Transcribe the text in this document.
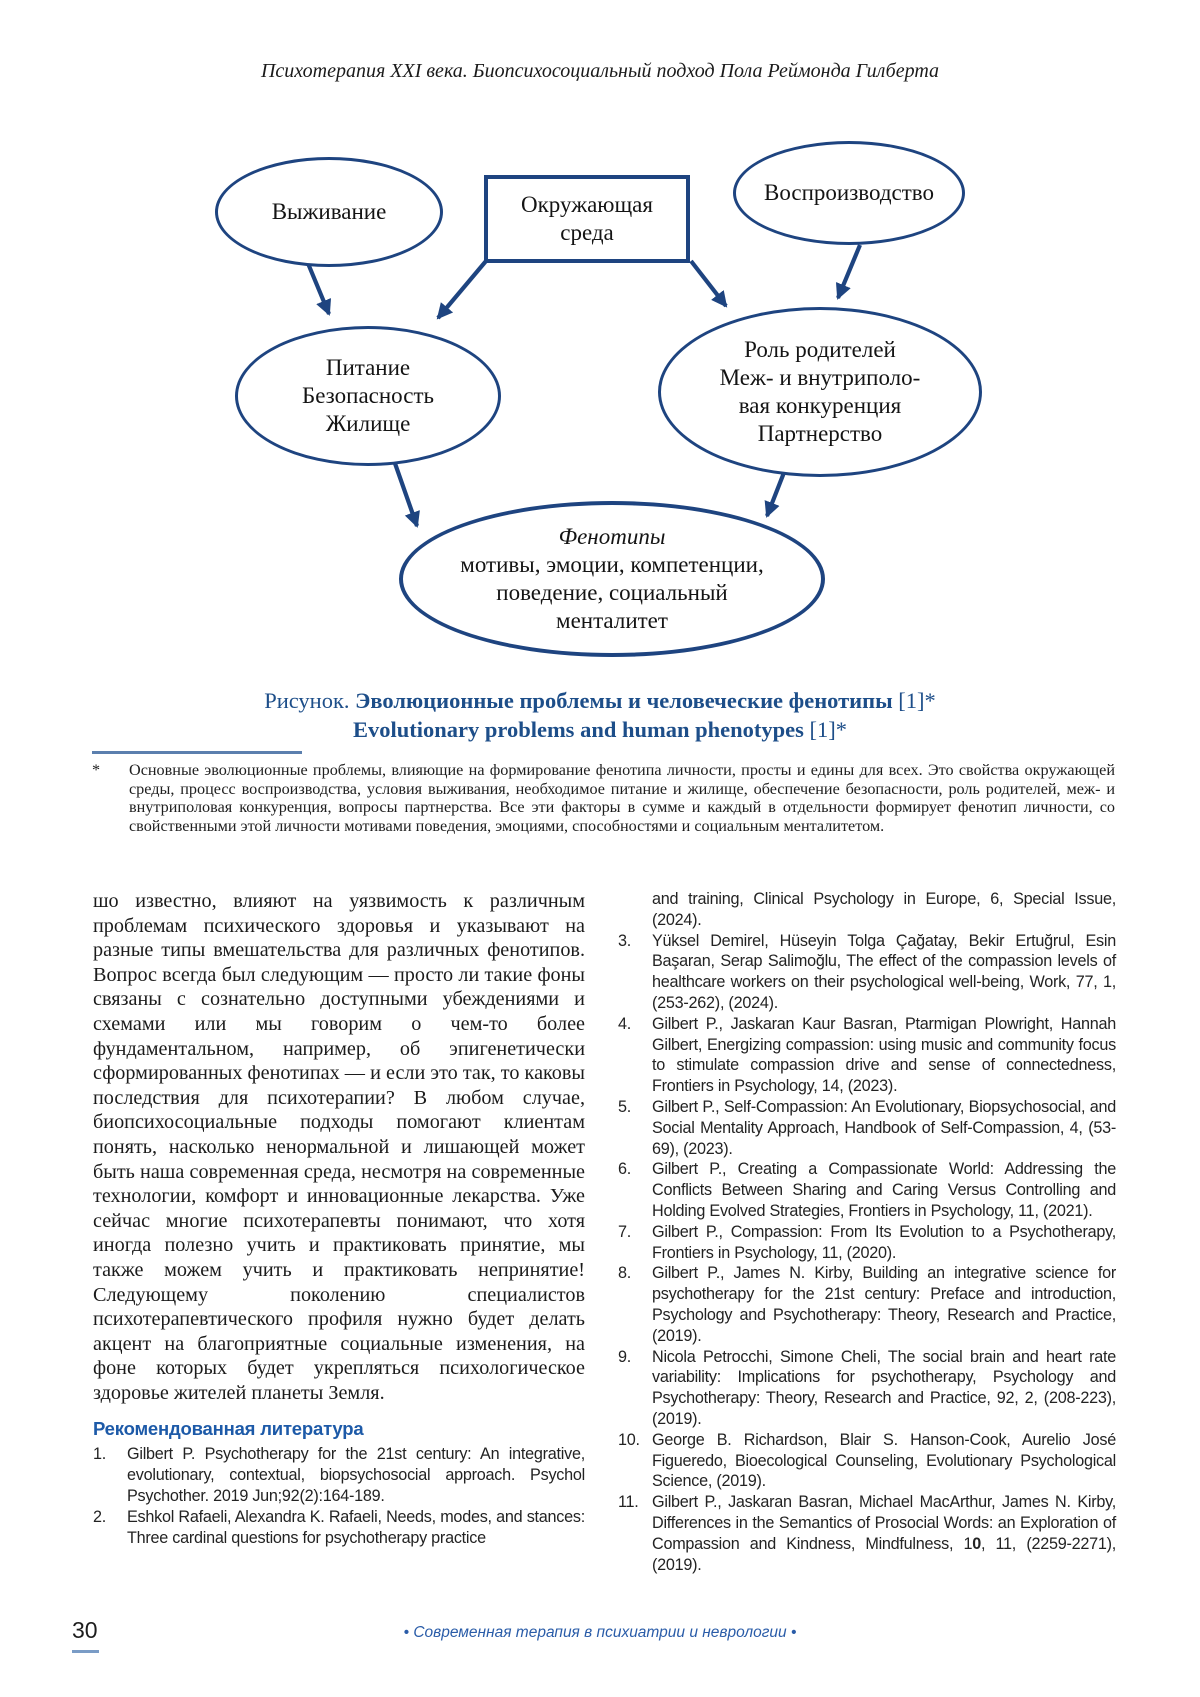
Психотерапия XXI века. Биопсихосоциальный подход Пола Реймонда Гилберта
Выживание	Окружающая
среда
Воспроизводство
Питание
Безопасность
Жилище
Роль родителей
Меж- и внутриполо-
вая конкуренция
Партнерство
Фенотипы
мотивы, эмоции, компетенции,
поведение, социальный
менталитет
Рисунок. Эволюционные проблемы и человеческие фенотипы [1]*
Evolutionary problems and human phenotypes [1]*
*	Основные эволюционные проблемы, влияющие на формирование фенотипа личности, просты и едины для всех. Это свойства окружающей среды, процесс воспроизводства, условия выживания, необходимое питание и жилище, обеспечение безопасности, роль родителей, меж- и внутриполовая конкуренция, вопросы партнерства. Все эти факторы в сумме и каждый в отдельности формирует фенотип личности, со свойственными этой личности мотивами поведения, эмоциями, способностями и социальным менталитетом.

шо известно, влияют на уязвимость к различным проблемам психического здоровья и указывают на разные типы вмешательства для различных фенотипов. Вопрос всегда был следующим — просто ли такие фоны связаны с сознательно доступными убеждениями и схемами или мы говорим о чем-то более фундаментальном, например, об эпигенетически сформированных фенотипах — и если это так, то каковы последствия для психотерапии? В любом случае, биопсихосоциальные подходы помогают клиентам понять, насколько ненормальной и лишающей может быть наша современная среда, несмотря на современные технологии, комфорт и инновационные лекарства. Уже сейчас многие психотерапевты понимают, что хотя иногда полезно учить и практиковать принятие, мы также можем учить и практиковать непринятие! Следующему поколению специалистов психотерапевтического профиля нужно будет делать акцент на благоприятные социальные изменения, на фоне которых будет укрепляться психологическое здоровье жителей планеты Земля.

Рекомендованная литература
1.	Gilbert P. Psychotherapy for the 21st century: An integrative, evolutionary, contextual, biopsychosocial approach. Psychol Psychother. 2019 Jun;92(2):164-189.
2.	Eshkol Rafaeli, Alexandra K. Rafaeli, Needs, modes, and stances: Three cardinal questions for psychotherapy practice
and training, Clinical Psychology in Europe, 6, Special Issue, (2024).
3.	Yüksel Demirel, Hüseyin Tolga Çağatay, Bekir Ertuğrul, Esin Başaran, Serap Salimoğlu, The effect of the compassion levels of healthcare workers on their psychological well-being, Work, 77, 1, (253-262), (2024).
4.	Gilbert P., Jaskaran Kaur Basran, Ptarmigan Plowright, Hannah Gilbert, Energizing compassion: using music and community focus to stimulate compassion drive and sense of connectedness, Frontiers in Psychology, 14, (2023).
5.	Gilbert P., Self-Compassion: An Evolutionary, Biopsychosocial, and Social Mentality Approach, Handbook of Self-Compassion, 4, (53-69), (2023).
6.	Gilbert P., Creating a Compassionate World: Addressing the Conflicts Between Sharing and Caring Versus Controlling and Holding Evolved Strategies, Frontiers in Psychology, 11, (2021).
7.	Gilbert P., Compassion: From Its Evolution to a Psychotherapy, Frontiers in Psychology, 11, (2020).
8.	Gilbert P., James N. Kirby, Building an integrative science for psychotherapy for the 21st century: Preface and introduction, Psychology and Psychotherapy: Theory, Research and Practice, (2019).
9.	Nicola Petrocchi, Simone Cheli, The social brain and heart rate variability: Implications for psychotherapy, Psychology and Psychotherapy: Theory, Research and Practice, 92, 2, (208-223), (2019).
10. George B. Richardson, Blair S. Hanson-Cook, Aurelio José Figueredo, Bioecological Counseling, Evolutionary Psychological Science, (2019).
11. Gilbert P., Jaskaran Basran, Michael MacArthur, James N. Kirby, Differences in the Semantics of Prosocial Words: an Exploration of Compassion and Kindness, Mindfulness, 10, 11, (2259-2271), (2019).
30	• Современная терапия в психиатрии и неврологии •
